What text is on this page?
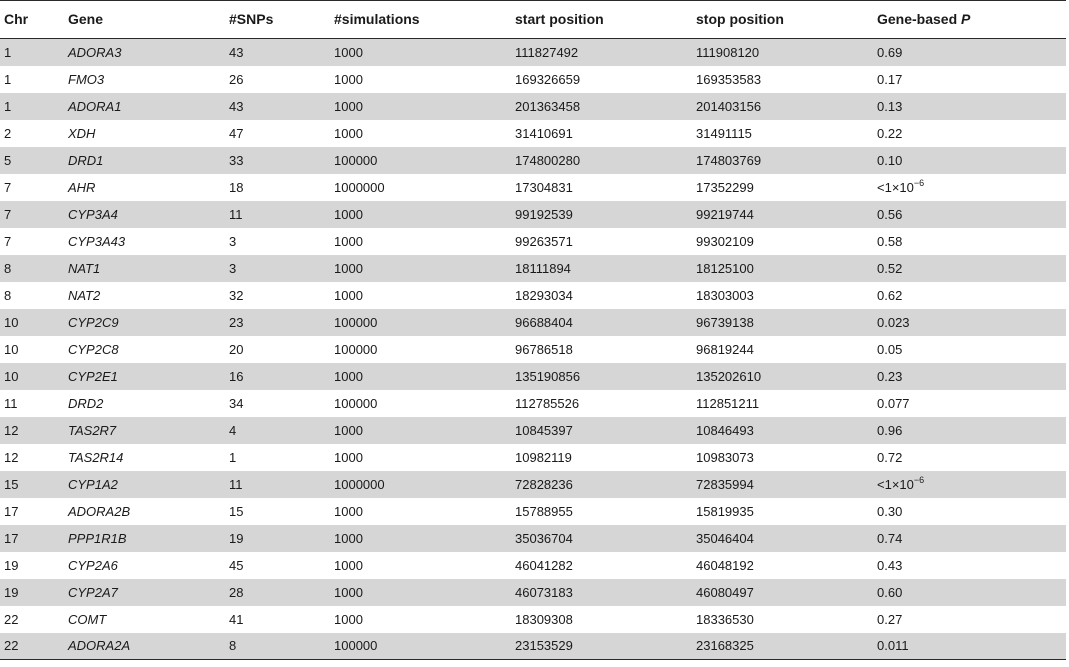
Chr	Gene	#SNPs	#simulations	start position	stop position	Gene-based P
1	ADORA3	43	1000	111827492	111908120	0.69
1	FMO3	26	1000	169326659	169353583	0.17
1	ADORA1	43	1000	201363458	201403156	0.13
2	XDH	47	1000	31410691	31491115	0.22
5	DRD1	33	100000	174800280	174803769	0.10
7	AHR	18	1000000	17304831	17352299	$<1\times 10^{-6}$
7	CYP3A4	11	1000	99192539	99219744	0.56
7	CYP3A43	3	1000	99263571	99302109	0.58
8	NAT1	3	1000	18111894	18125100	0.52
8	NAT2	32	1000	18293034	18303003	0.62
10	CYP2C9	23	100000	96688404	96739138	0.023
10	CYP2C8	20	100000	96786518	96819244	0.05
10	CYP2E1	16	1000	135190856	135202610	0.23
11	DRD2	34	100000	112785526	112851211	0.077
12	TAS2R7	4	1000	10845397	10846493	0.96
12	TAS2R14	1	1000	10982119	10983073	0.72
15	CYP1A2	11	1000000	72828236	72835994	$<1\times 10^{-6}$
17	ADORA2B	15	1000	15788955	15819935	0.30
17	PPP1R1B	19	1000	35036704	35046404	0.74
19	CYP2A6	45	1000	46041282	46048192	0.43
19	CYP2A7	28	1000	46073183	46080497	0.60
22	COMT	41	1000	18309308	18336530	0.27
22	ADORA2A	8	100000	23153529	23168325	0.011
